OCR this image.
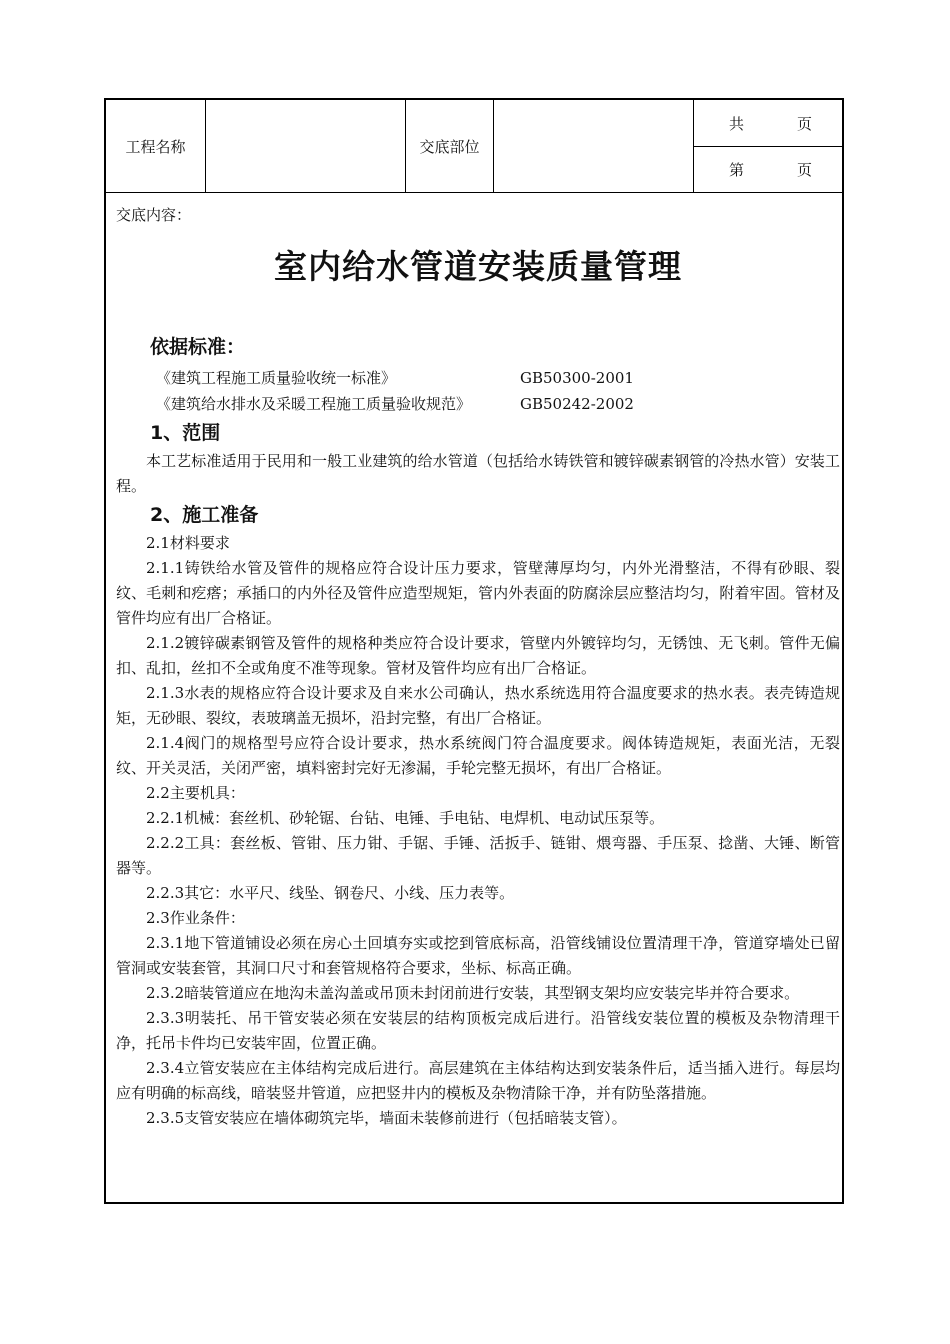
工程名称	交底部位
共	页
第	页
交底内容：
室内给水管道安装质量管理
依据标准：
《建筑工程施工质量验收统一标准》	GB50300-2001
《建筑给水排水及采暖工程施工质量验收规范》	GB50242-2002
1、范围

本工艺标准适用于民用和一般工业建筑的给水管道（包括给水铸铁管和镀锌碳素钢管的冷热水管）安装工程。

2、施工准备

2.1材料要求

2.1.1铸铁给水管及管件的规格应符合设计压力要求，管壁薄厚均匀，内外光滑整洁，不得有砂眼、裂纹、毛刺和疙瘩；承插口的内外径及管件应造型规矩，管内外表面的防腐涂层应整洁均匀，附着牢固。管材及管件均应有出厂合格证。

2.1.2镀锌碳素钢管及管件的规格种类应符合设计要求，管壁内外镀锌均匀，无锈蚀、无飞刺。管件无偏扣、乱扣，丝扣不全或角度不准等现象。管材及管件均应有出厂合格证。

2.1.3水表的规格应符合设计要求及自来水公司确认，热水系统选用符合温度要求的热水表。表壳铸造规矩，无砂眼、裂纹，表玻璃盖无损坏，沿封完整，有出厂合格证。

2.1.4阀门的规格型号应符合设计要求，热水系统阀门符合温度要求。阀体铸造规矩，表面光洁，无裂纹、开关灵活，关闭严密，填料密封完好无渗漏，手轮完整无损坏，有出厂合格证。

2.2主要机具：

2.2.1机械：套丝机、砂轮锯、台钻、电锤、手电钻、电焊机、电动试压泵等。

2.2.2工具：套丝板、管钳、压力钳、手锯、手锤、活扳手、链钳、煨弯器、手压泵、捻凿、大锤、断管器等。

2.2.3其它：水平尺、线坠、钢卷尺、小线、压力表等。

2.3作业条件：

2.3.1地下管道铺设必须在房心土回填夯实或挖到管底标高，沿管线铺设位置清理干净，管道穿墙处已留管洞或安装套管，其洞口尺寸和套管规格符合要求，坐标、标高正确。

2.3.2暗装管道应在地沟未盖沟盖或吊顶未封闭前进行安装，其型钢支架均应安装完毕并符合要求。

2.3.3明装托、吊干管安装必须在安装层的结构顶板完成后进行。沿管线安装位置的模板及杂物清理干净，托吊卡件均已安装牢固，位置正确。

2.3.4立管安装应在主体结构完成后进行。高层建筑在主体结构达到安装条件后，适当插入进行。每层均应有明确的标高线，暗装竖井管道，应把竖井内的模板及杂物清除干净，并有防坠落措施。

2.3.5支管安装应在墙体砌筑完毕，墙面未装修前进行（包括暗装支管）。
